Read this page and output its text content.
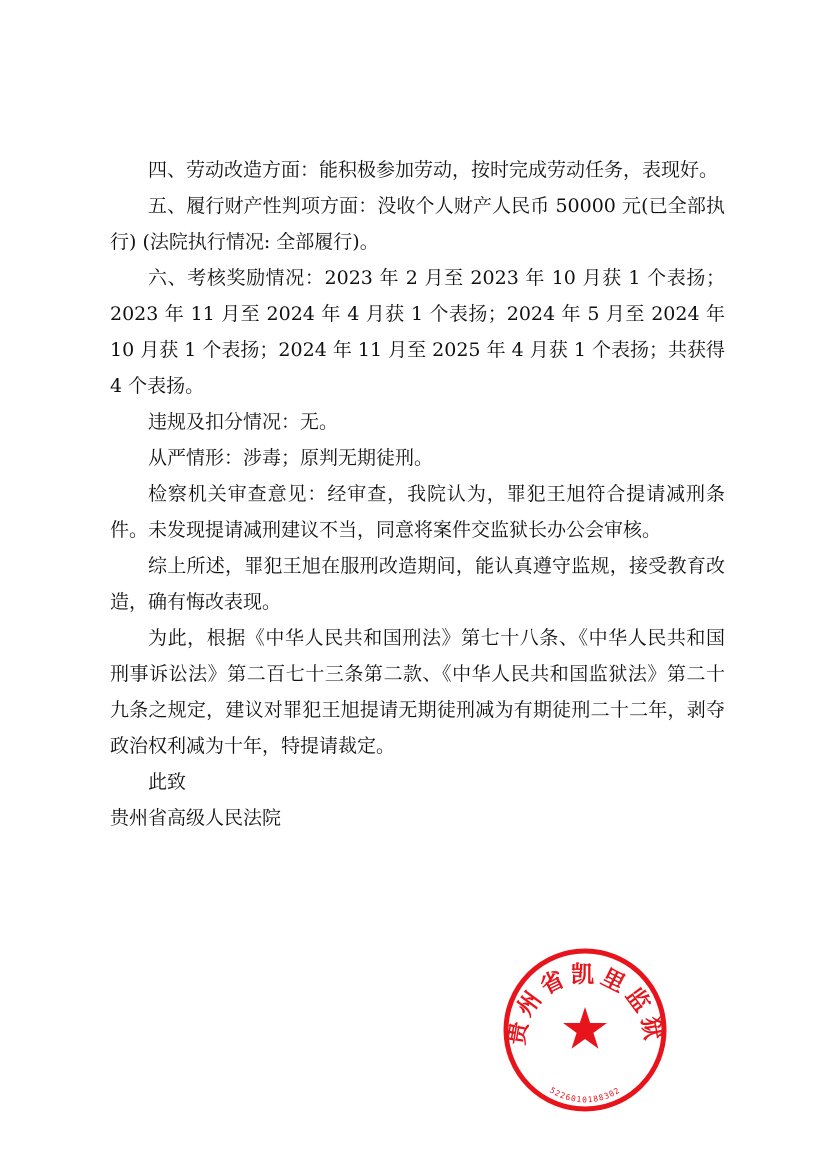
四、劳动改造方面：能积极参加劳动，按时完成劳动任务，表现好。

五、履行财产性判项方面：没收个人财产人民币 50000 元(已全部执行) (法院执行情况: 全部履行)。

六、考核奖励情况：2023 年 2 月至 2023 年 10 月获 1 个表扬；2023 年 11 月至 2024 年 4 月获 1 个表扬；2024 年 5 月至 2024 年 10 月获 1 个表扬；2024 年 11 月至 2025 年 4 月获 1 个表扬；共获得 4 个表扬。

违规及扣分情况：无。

从严情形：涉毒；原判无期徒刑。

检察机关审查意见：经审查，我院认为，罪犯王旭符合提请减刑条件。未发现提请减刑建议不当，同意将案件交监狱长办公会审核。

综上所述，罪犯王旭在服刑改造期间，能认真遵守监规，接受教育改造，确有悔改表现。

为此，根据《中华人民共和国刑法》第七十八条、《中华人民共和国刑事诉讼法》第二百七十三条第二款、《中华人民共和国监狱法》第二十九条之规定，建议对罪犯王旭提请无期徒刑减为有期徒刑二十二年，剥夺政治权利减为十年，特提请裁定。

此致

贵州省高级人民法院

贵州省凯里监狱
5226010188302
